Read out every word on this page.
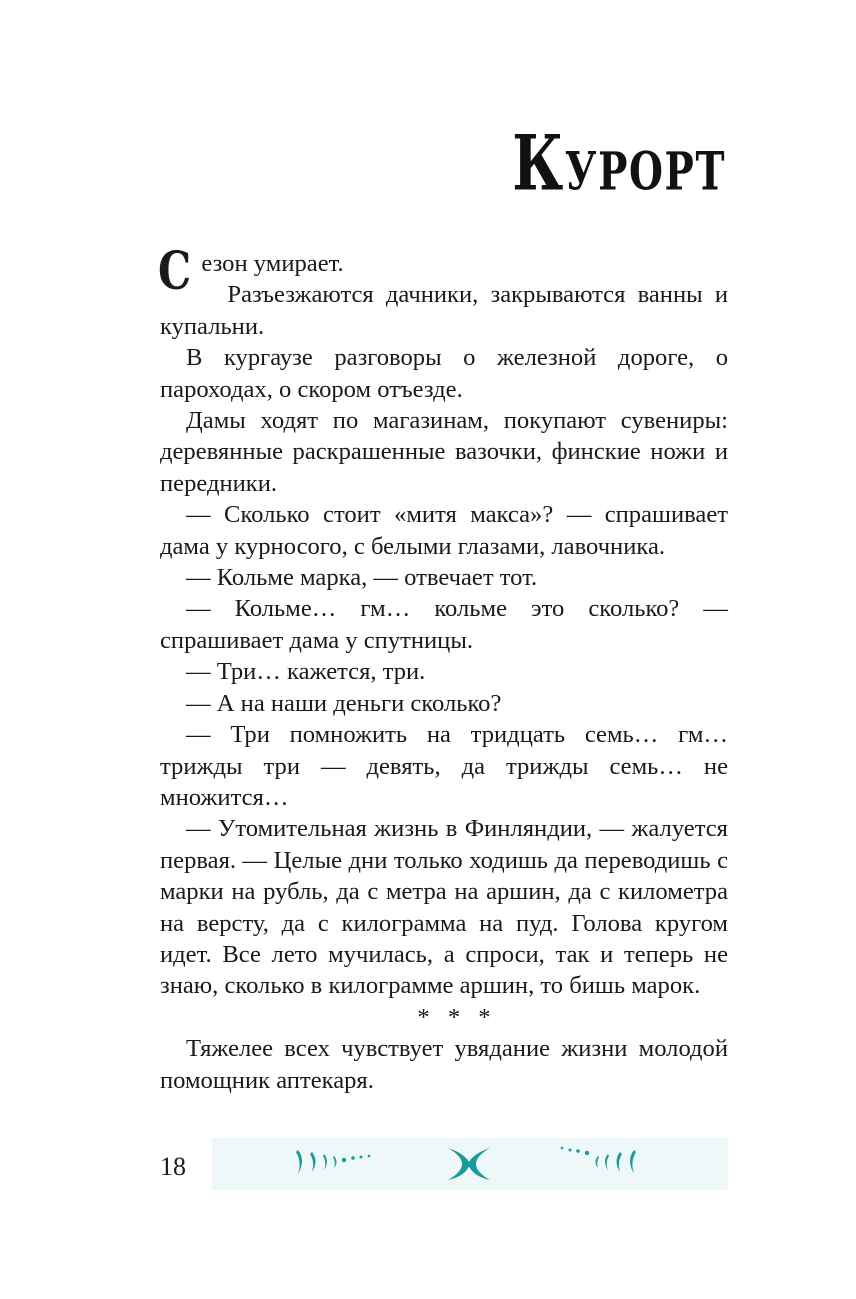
Курорт

Сезон умирает.

Разъезжаются дачники, закрываются ванны и купальни.

В кургаузе разговоры о железной дороге, о пароходах, о скором отъезде.

Дамы ходят по магазинам, покупают сувениры: деревянные раскрашенные вазочки, финские ножи и передники.

— Сколько стоит «митя макса»? — спрашивает дама у курносого, с белыми глазами, лавочника.

— Кольме марка, — отвечает тот.

— Кольме… гм… кольме это сколько? — спрашивает дама у спутницы.

— Три… кажется, три.

— А на наши деньги сколько?

— Три помножить на тридцать семь… гм… трижды три — девять, да трижды семь… не множится…

— Утомительная жизнь в Финляндии, — жалуется первая. — Целые дни только ходишь да переводишь с марки на рубль, да с метра на аршин, да с километра на версту, да с килограмма на пуд. Голова кругом идет. Все лето мучилась, а спроси, так и теперь не знаю, сколько в килограмме аршин, то бишь марок.

* * *

Тяжелее всех чувствует увядание жизни молодой помощник аптекаря.

18
